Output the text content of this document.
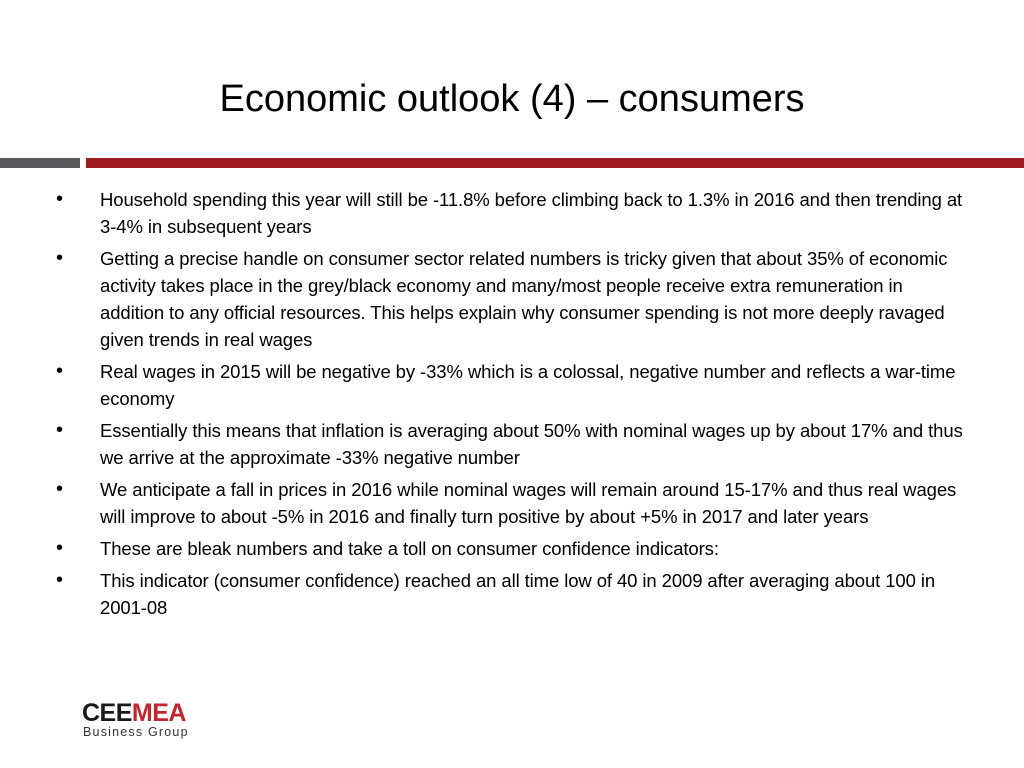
Economic outlook (4) – consumers
•	Household spending this year will still be -11.8% before climbing back to 1.3% in 2016 and then trending at 3-4% in subsequent years
•	Getting a precise handle on consumer sector related numbers is tricky given that about 35% of economic activity takes place in the grey/black economy and many/most people receive extra remuneration in addition to any official resources. This helps explain why consumer spending is not more deeply ravaged given trends in real wages
•	Real wages in 2015 will be negative by -33% which is a colossal, negative number and reflects a war-time economy
•	Essentially this means that inflation is averaging about 50% with nominal wages up by about 17% and thus we arrive at the approximate -33% negative number
•	We anticipate a fall in prices in 2016 while nominal wages will remain around 15-17% and thus real wages will improve to about -5% in 2016 and finally turn positive by about +5% in 2017 and later years
•	These are bleak numbers and take a toll on consumer confidence indicators:
•	This indicator (consumer confidence) reached an all time low of 40 in 2009 after averaging about 100 in 2001-08
CEEMEA
Business Group
